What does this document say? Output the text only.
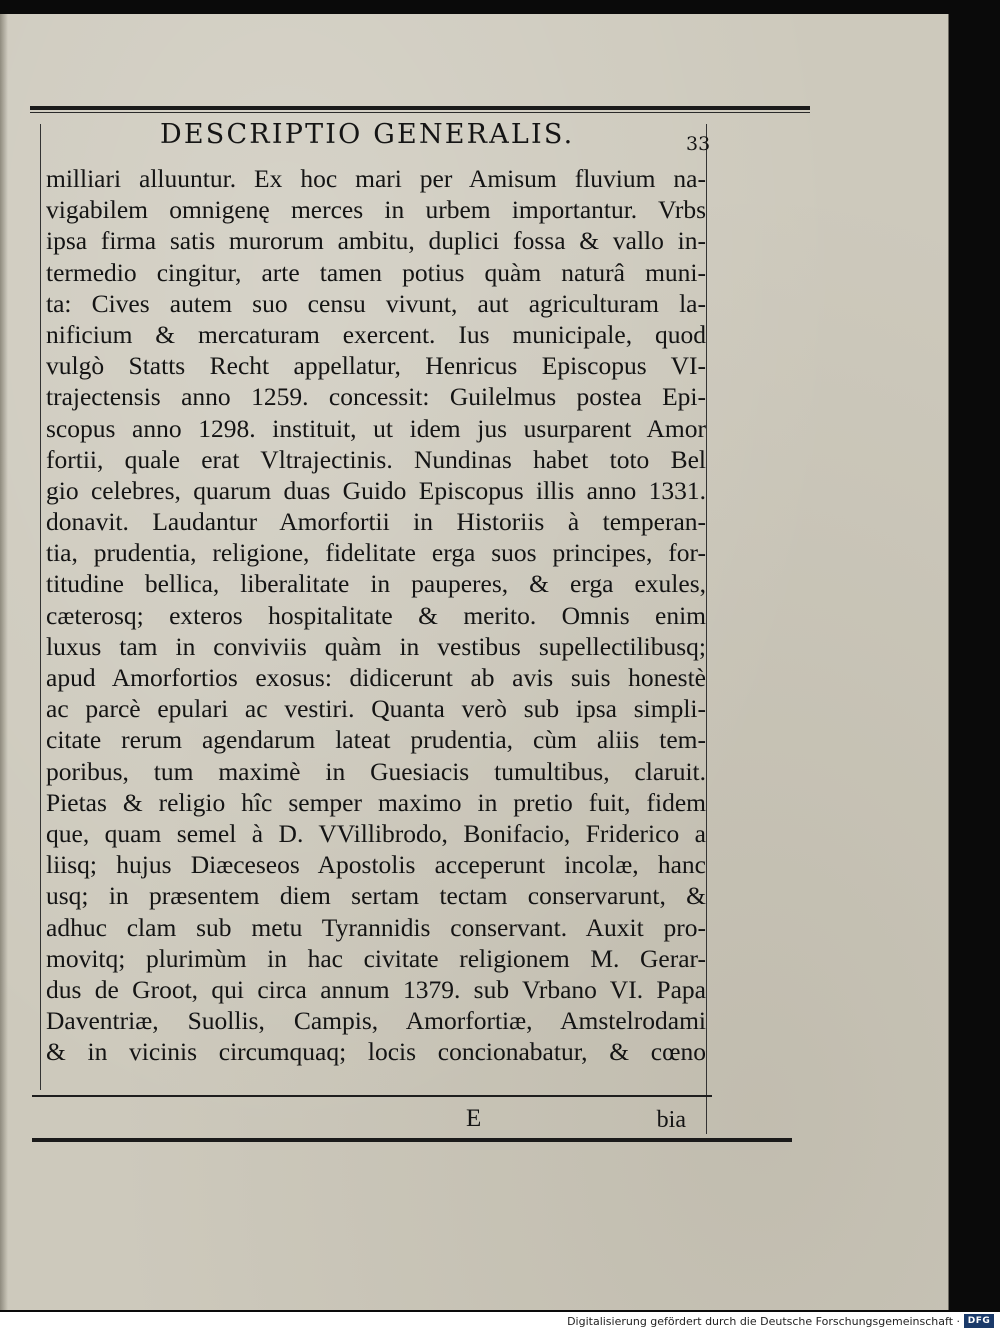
DESCRIPTIO GENERALIS.	33
milliari alluuntur. Ex hoc mari per Amisum fluvium na-
vigabilem omnigenę merces in urbem importantur. Vrbs
ipsa firma satis murorum ambitu, duplici fossa & vallo in-
termedio cingitur, arte tamen potius quàm naturâ muni-
ta: Cives autem suo censu vivunt, aut agriculturam la-
nificium & mercaturam exercent. Ius municipale, quod
vulgò Statts Recht appellatur, Henricus Episcopus VI-
trajectensis anno 1259. concessit: Guilelmus postea Epi-
scopus anno 1298. instituit, ut idem jus usurparent Amor
fortii, quale erat Vltrajectinis. Nundinas habet toto Bel
gio celebres, quarum duas Guido Episcopus illis anno 1331.
donavit. Laudantur Amorfortii in Historiis à temperan-
tia, prudentia, religione, fidelitate erga suos principes, for-
titudine bellica, liberalitate in pauperes, & erga exules,
cæterosq; exteros hospitalitate & merito. Omnis enim
luxus tam in conviviis quàm in vestibus supellectilibusq;
apud Amorfortios exosus: didicerunt ab avis suis honestè
ac parcè epulari ac vestiri. Quanta verò sub ipsa simpli-
citate rerum agendarum lateat prudentia, cùm aliis tem-
poribus, tum maximè in Guesiacis tumultibus, claruit.
Pietas & religio hîc semper maximo in pretio fuit, fidem
que, quam semel à D. VVillibrodo, Bonifacio, Friderico a
liisq; hujus Diæceseos Apostolis acceperunt incolæ, hanc
usq; in præsentem diem sertam tectam conservarunt, &
adhuc clam sub metu Tyrannidis conservant. Auxit pro-
movitq; plurimùm in hac civitate religionem M. Gerar-
dus de Groot, qui circa annum 1379. sub Vrbano VI. Papa
Daventriæ, Suollis, Campis, Amorfortiæ, Amstelrodami
& in vicinis circumquaq; locis concionabatur, & cœno
E	bia
Digitalisierung gefördert durch die Deutsche Forschungsgemeinschaft · DFG
